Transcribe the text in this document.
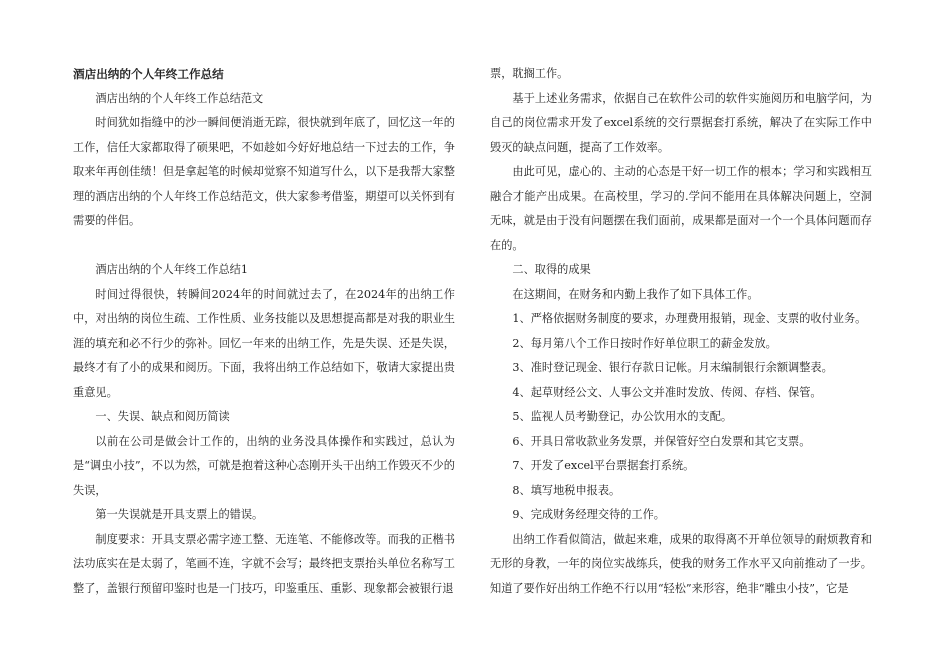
酒店出纳的个人年终工作总结

酒店出纳的个人年终工作总结范文

时间犹如指缝中的沙一瞬间便消逝无踪，很快就到年底了，回忆这一年的工作，信任大家都取得了硕果吧，不如趁如今好好地总结一下过去的工作，争取来年再创佳绩！但是拿起笔的时候却觉察不知道写什么，以下是我帮大家整理的酒店出纳的个人年终工作总结范文，供大家参考借鉴，期望可以关怀到有需要的伴侣。

酒店出纳的个人年终工作总结1

时间过得很快，转瞬间2024年的时间就过去了，在2024年的出纳工作中，对出纳的岗位生疏、工作性质、业务技能以及思想提高都是对我的职业生涯的填充和必不行少的弥补。回忆一年来的出纳工作，先是失误、还是失误，最终才有了小的成果和阅历。下面，我将出纳工作总结如下，敬请大家提出贵重意见。

一、失误、缺点和阅历简读

以前在公司是做会计工作的，出纳的业务没具体操作和实践过，总认为是“调虫小技”，不以为然，可就是抱着这种心态刚开头干出纳工作毁灭不少的失误，

第一失误就是开具支票上的错误。

制度要求：开具支票必需字迹工整、无连笔、不能修改等。而我的正楷书法功底实在是太弱了，笔画不连，字就不会写；最终把支票抬头单位名称写工整了，盖银行预留印鉴时也是一门技巧，印鉴重压、重影、现象都会被银行退

票，耽搁工作。

基于上述业务需求，依据自己在软件公司的软件实施阅历和电脑学问，为自己的岗位需求开发了excel系统的交行票据套打系统，解决了在实际工作中毁灭的缺点问题，提高了工作效率。

由此可见，虚心的、主动的心态是干好一切工作的根本；学习和实践相互融合才能产出成果。在高校里，学习的.学问不能用在具体解决问题上，空洞无味，就是由于没有问题摆在我们面前，成果都是面对一个一个具体问题而存在的。

二、取得的成果

在这期间，在财务和内勤上我作了如下具体工作。

1、严格依据财务制度的要求，办理费用报销，现金、支票的收付业务。

2、每月第八个工作日按时作好单位职工的薪金发放。

3、准时登记现金、银行存款日记帐。月末编制银行余额调整表。

4、起草财经公文、人事公文并准时发放、传阅、存档、保管。

5、监视人员考勤登记，办公饮用水的支配。

6、开具日常收款业务发票，并保管好空白发票和其它支票。

7、开发了excel平台票据套打系统。

8、填写地税申报表。

9、完成财务经理交待的工作。

出纳工作看似简洁，做起来难，成果的取得离不开单位领导的耐烦教育和无形的身教，一年的岗位实战练兵，使我的财务工作水平又向前推动了一步。知道了要作好出纳工作绝不行以用“轻松”来形容，绝非“雕虫小技”，它是
